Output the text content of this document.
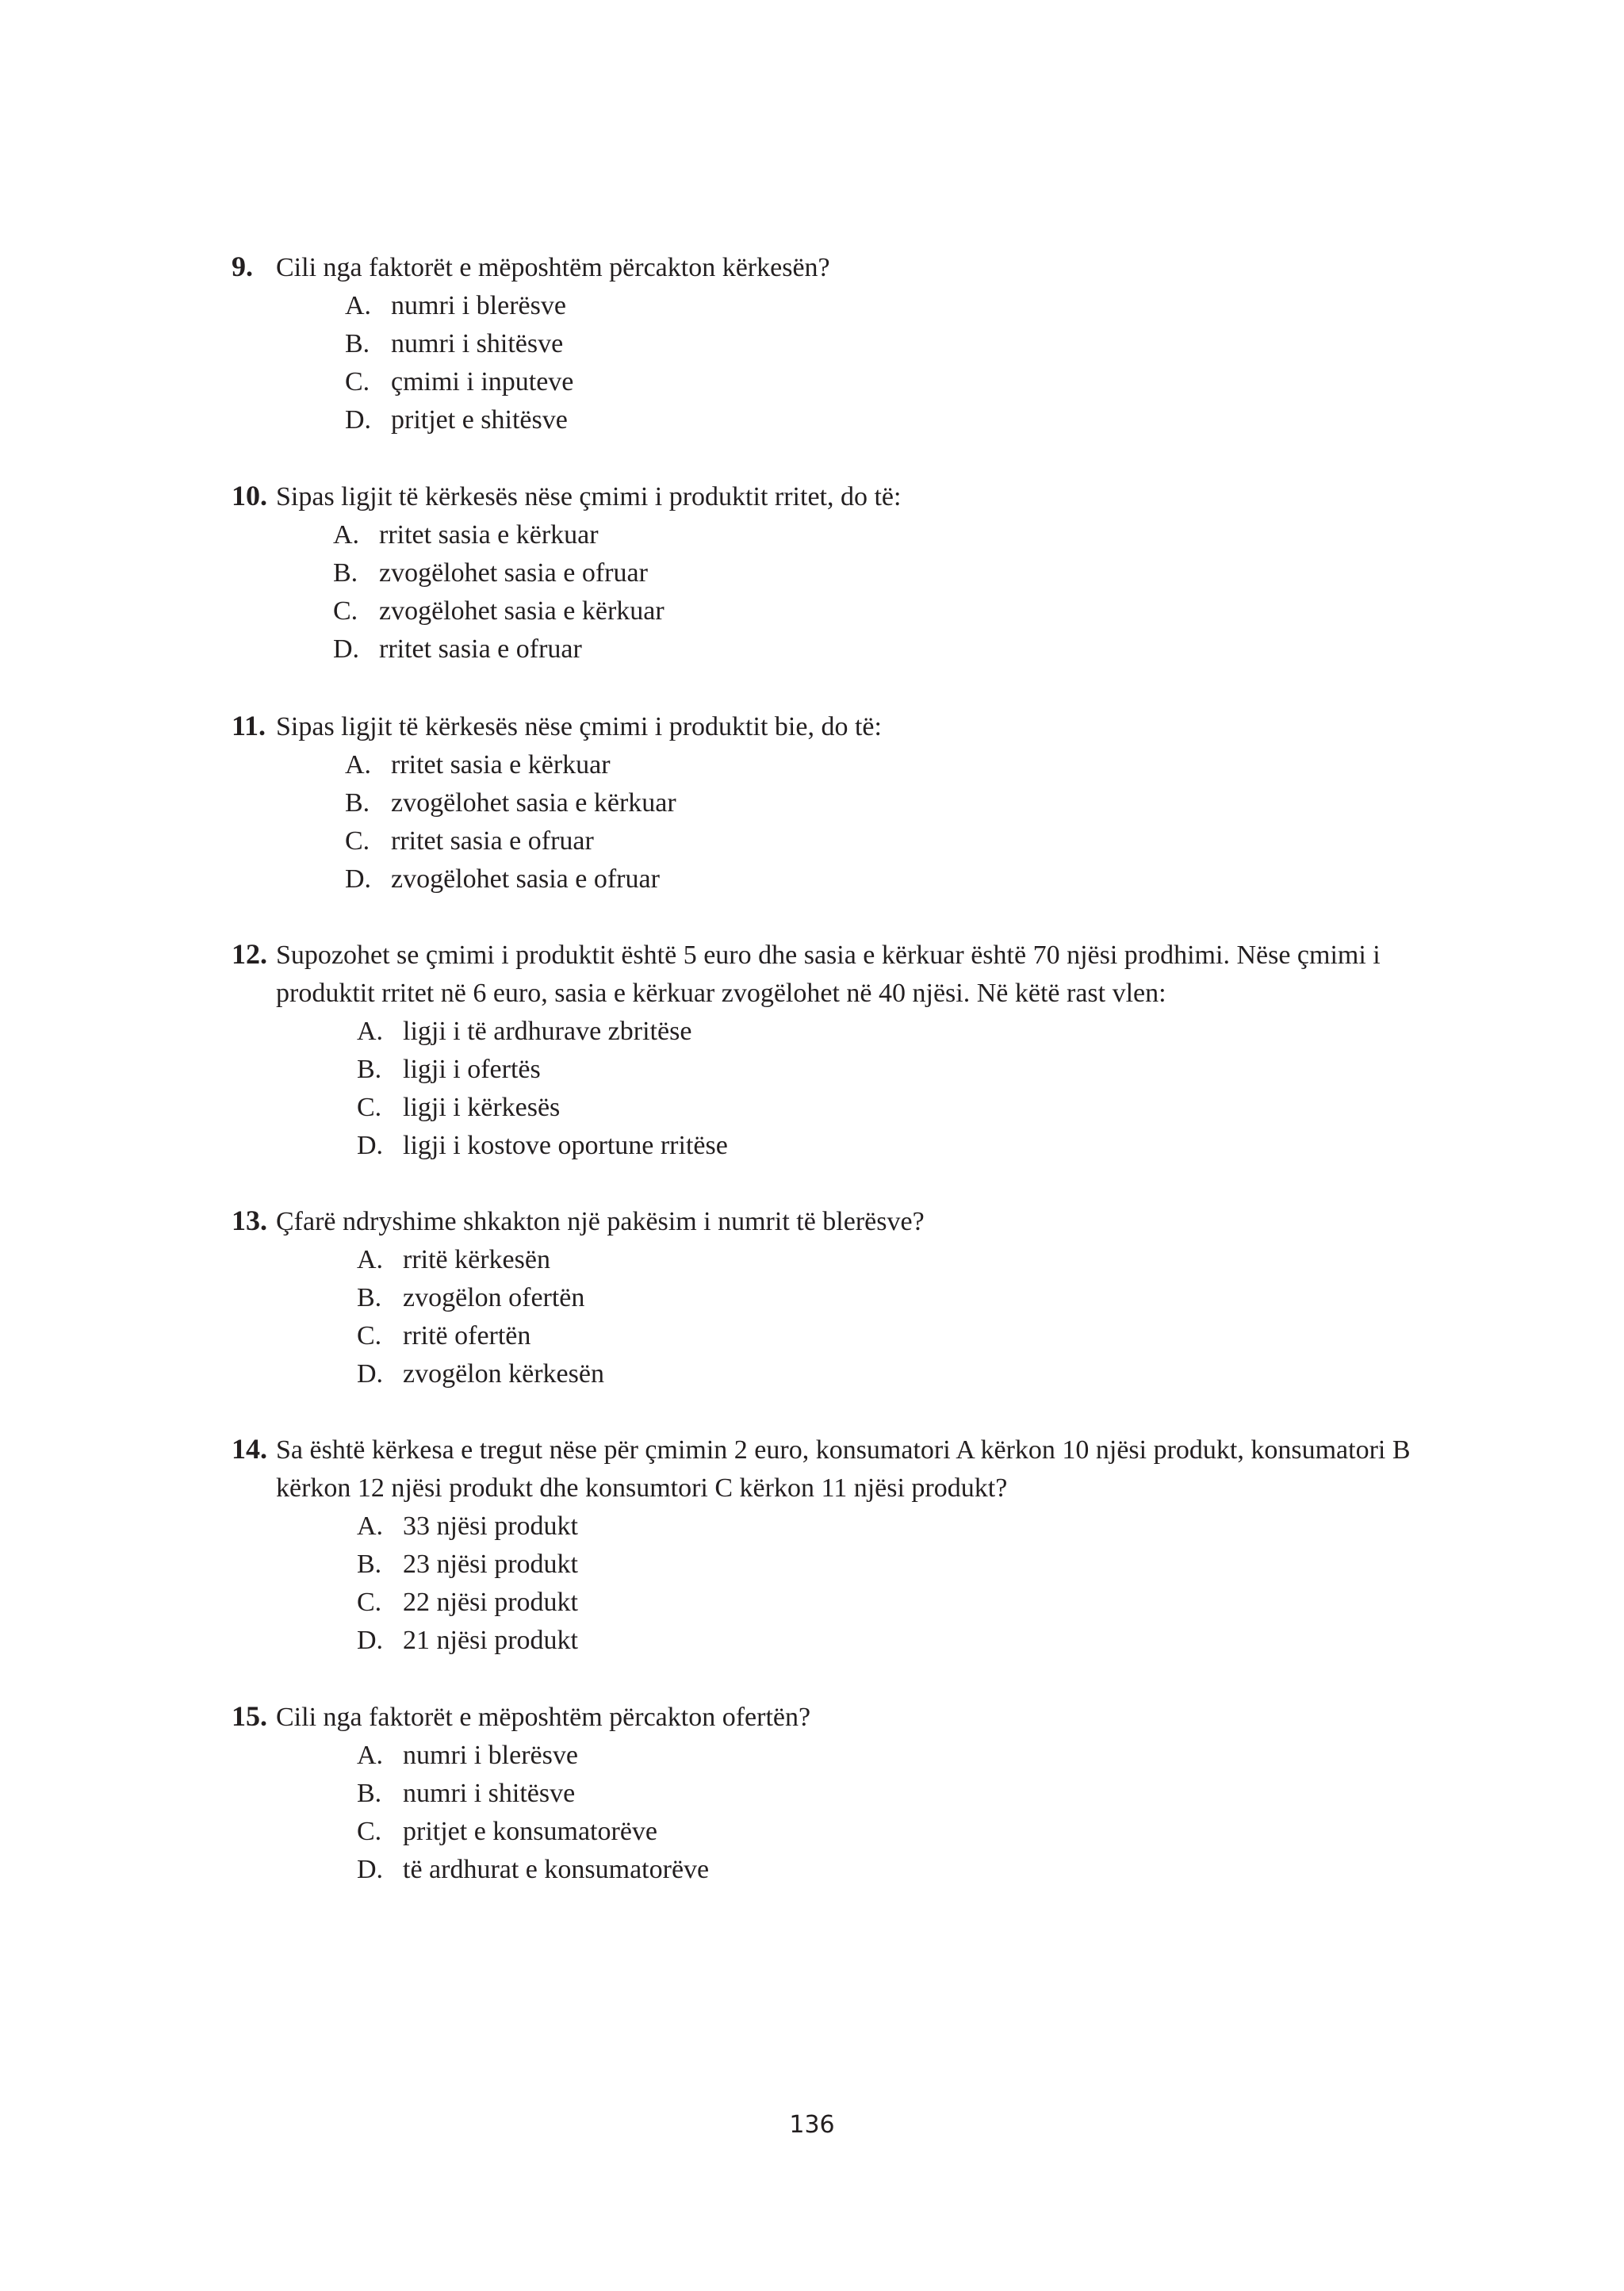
9. Cili nga faktorët e mëposhtëm përcakton kërkesën?

A. numri i blerësve
B. numri i shitësve
C. çmimi i inputeve
D. pritjet e shitësve

10. Sipas ligjit të kërkesës nëse çmimi i produktit rritet, do të:

A. rritet sasia e kërkuar
B. zvogëlohet sasia e ofruar
C. zvogëlohet sasia e kërkuar
D. rritet sasia e ofruar

11. Sipas ligjit të kërkesës nëse çmimi i produktit bie, do të:

A. rritet sasia e kërkuar
B. zvogëlohet sasia e kërkuar
C. rritet sasia e ofruar
D. zvogëlohet sasia e ofruar

12. Supozohet se çmimi i produktit është 5 euro dhe sasia e kërkuar është 70 njësi prodhimi. Nëse çmimi i produktit rritet në 6 euro, sasia e kërkuar zvogëlohet në 40 njësi. Në këtë rast vlen:

A. ligji i të ardhurave zbritëse
B. ligji i ofertës
C. ligji i kërkesës
D. ligji i kostove oportune rritëse

13. Çfarë ndryshime shkakton një pakësim i numrit të blerësve?

A. rritë kërkesën
B. zvogëlon ofertën
C. rritë ofertën
D. zvogëlon kërkesën

14. Sa është kërkesa e tregut nëse për çmimin 2 euro, konsumatori A kërkon 10 njësi produkt, konsumatori B kërkon 12 njësi produkt dhe konsumtori C kërkon 11 njësi produkt?

A. 33 njësi produkt
B. 23 njësi produkt
C. 22 njësi produkt
D. 21 njësi produkt

15. Cili nga faktorët e mëposhtëm përcakton ofertën?

A. numri i blerësve
B. numri i shitësve
C. pritjet e konsumatorëve
D. të ardhurat e konsumatorëve
136
